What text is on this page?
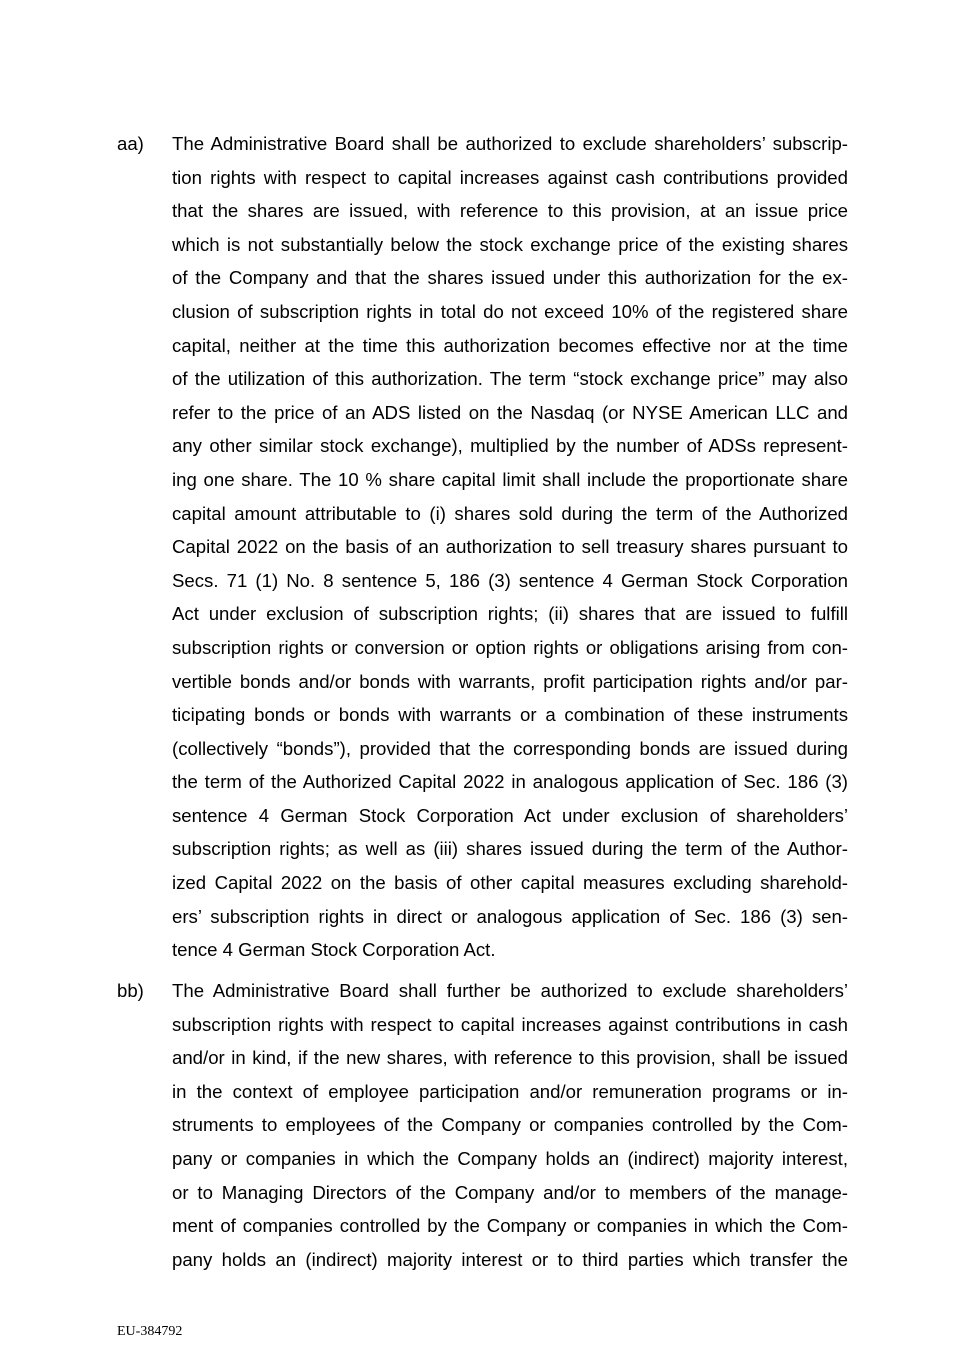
aa) The Administrative Board shall be authorized to exclude shareholders’ subscrip-
tion rights with respect to capital increases against cash contributions provided
that the shares are issued, with reference to this provision, at an issue price
which is not substantially below the stock exchange price of the existing shares
of the Company and that the shares issued under this authorization for the ex-
clusion of subscription rights in total do not exceed 10% of the registered share
capital, neither at the time this authorization becomes effective nor at the time
of the utilization of this authorization. The term “stock exchange price” may also
refer to the price of an ADS listed on the Nasdaq (or NYSE American LLC and
any other similar stock exchange), multiplied by the number of ADSs represent-
ing one share. The 10 % share capital limit shall include the proportionate share
capital amount attributable to (i) shares sold during the term of the Authorized
Capital 2022 on the basis of an authorization to sell treasury shares pursuant to
Secs. 71 (1) No. 8 sentence 5, 186 (3) sentence 4 German Stock Corporation
Act under exclusion of subscription rights; (ii) shares that are issued to fulfill
subscription rights or conversion or option rights or obligations arising from con-
vertible bonds and/or bonds with warrants, profit participation rights and/or par-
ticipating bonds or bonds with warrants or a combination of these instruments
(collectively “bonds”), provided that the corresponding bonds are issued during
the term of the Authorized Capital 2022 in analogous application of Sec. 186 (3)
sentence 4 German Stock Corporation Act under exclusion of shareholders’
subscription rights; as well as (iii) shares issued during the term of the Author-
ized Capital 2022 on the basis of other capital measures excluding sharehold-
ers’ subscription rights in direct or analogous application of Sec. 186 (3) sen-
tence 4 German Stock Corporation Act.
bb) The Administrative Board shall further be authorized to exclude shareholders’
subscription rights with respect to capital increases against contributions in cash
and/or in kind, if the new shares, with reference to this provision, shall be issued
in the context of employee participation and/or remuneration programs or in-
struments to employees of the Company or companies controlled by the Com-
pany or companies in which the Company holds an (indirect) majority interest,
or to Managing Directors of the Company and/or to members of the manage-
ment of companies controlled by the Company or companies in which the Com-
pany holds an (indirect) majority interest or to third parties which transfer the
EU-384792
